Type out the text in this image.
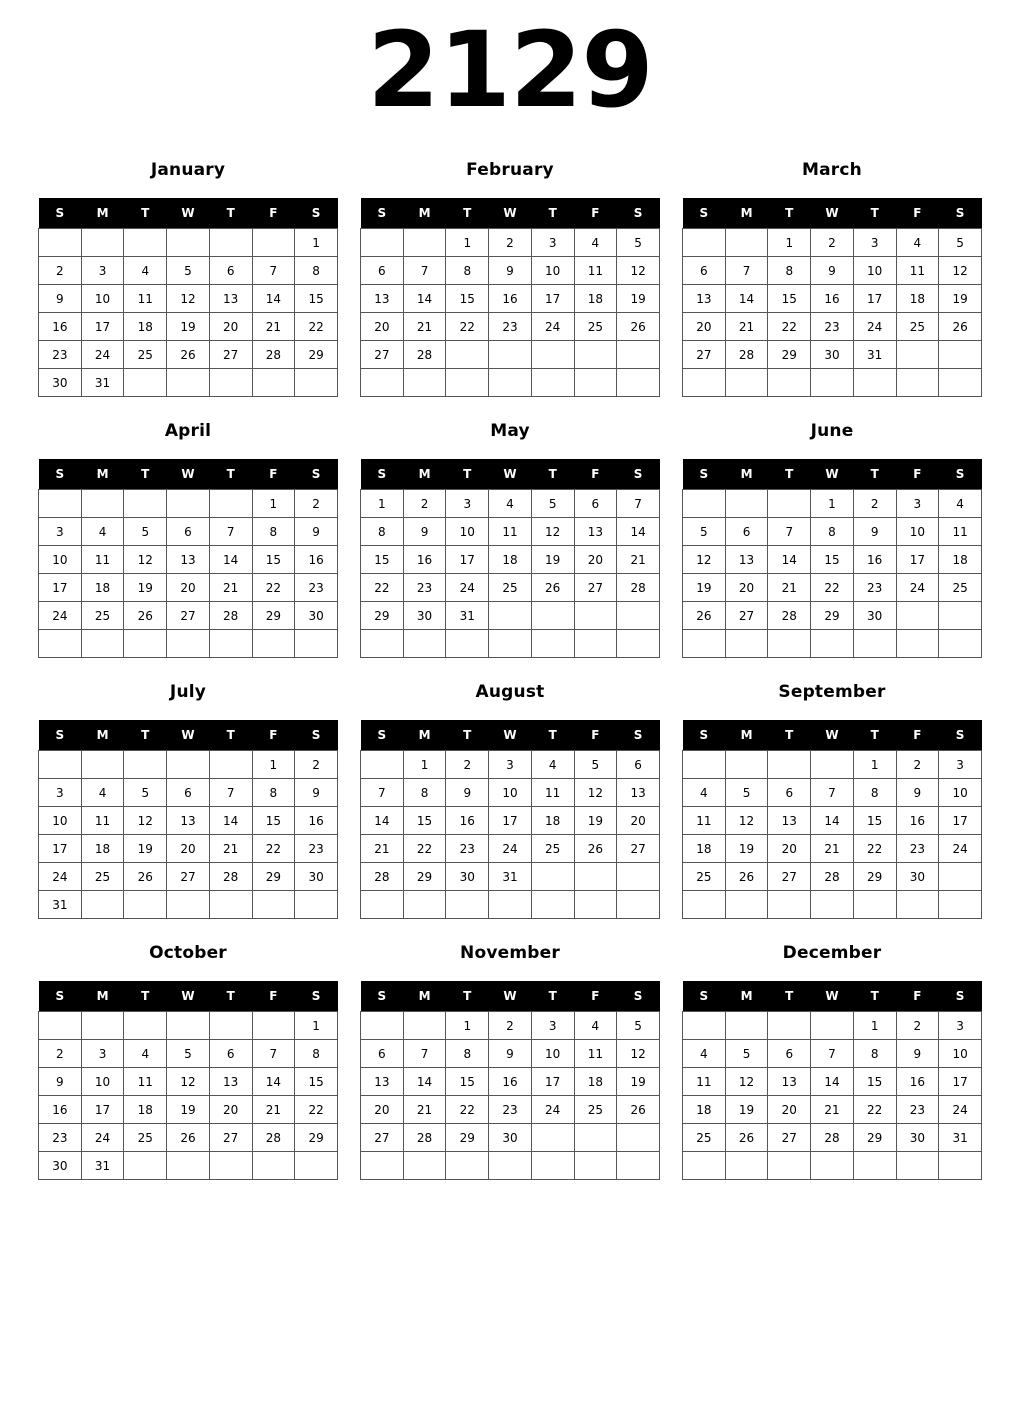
2129
January
S	M	T	W	T	F	S
						1
2	3	4	5	6	7	8
9	10	11	12	13	14	15
16	17	18	19	20	21	22
23	24	25	26	27	28	29
30	31					
February
S	M	T	W	T	F	S
		1	2	3	4	5
6	7	8	9	10	11	12
13	14	15	16	17	18	19
20	21	22	23	24	25	26
27	28					

March
S	M	T	W	T	F	S
		1	2	3	4	5
6	7	8	9	10	11	12
13	14	15	16	17	18	19
20	21	22	23	24	25	26
27	28	29	30	31		

April
S	M	T	W	T	F	S
					1	2
3	4	5	6	7	8	9
10	11	12	13	14	15	16
17	18	19	20	21	22	23
24	25	26	27	28	29	30

May
S	M	T	W	T	F	S
1	2	3	4	5	6	7
8	9	10	11	12	13	14
15	16	17	18	19	20	21
22	23	24	25	26	27	28
29	30	31				

June
S	M	T	W	T	F	S
			1	2	3	4
5	6	7	8	9	10	11
12	13	14	15	16	17	18
19	20	21	22	23	24	25
26	27	28	29	30		

July
S	M	T	W	T	F	S
					1	2
3	4	5	6	7	8	9
10	11	12	13	14	15	16
17	18	19	20	21	22	23
24	25	26	27	28	29	30
31						
August
S	M	T	W	T	F	S
	1	2	3	4	5	6
7	8	9	10	11	12	13
14	15	16	17	18	19	20
21	22	23	24	25	26	27
28	29	30	31			

September
S	M	T	W	T	F	S
				1	2	3
4	5	6	7	8	9	10
11	12	13	14	15	16	17
18	19	20	21	22	23	24
25	26	27	28	29	30	

October
S	M	T	W	T	F	S
						1
2	3	4	5	6	7	8
9	10	11	12	13	14	15
16	17	18	19	20	21	22
23	24	25	26	27	28	29
30	31					
November
S	M	T	W	T	F	S
		1	2	3	4	5
6	7	8	9	10	11	12
13	14	15	16	17	18	19
20	21	22	23	24	25	26
27	28	29	30			

December
S	M	T	W	T	F	S
				1	2	3
4	5	6	7	8	9	10
11	12	13	14	15	16	17
18	19	20	21	22	23	24
25	26	27	28	29	30	31
